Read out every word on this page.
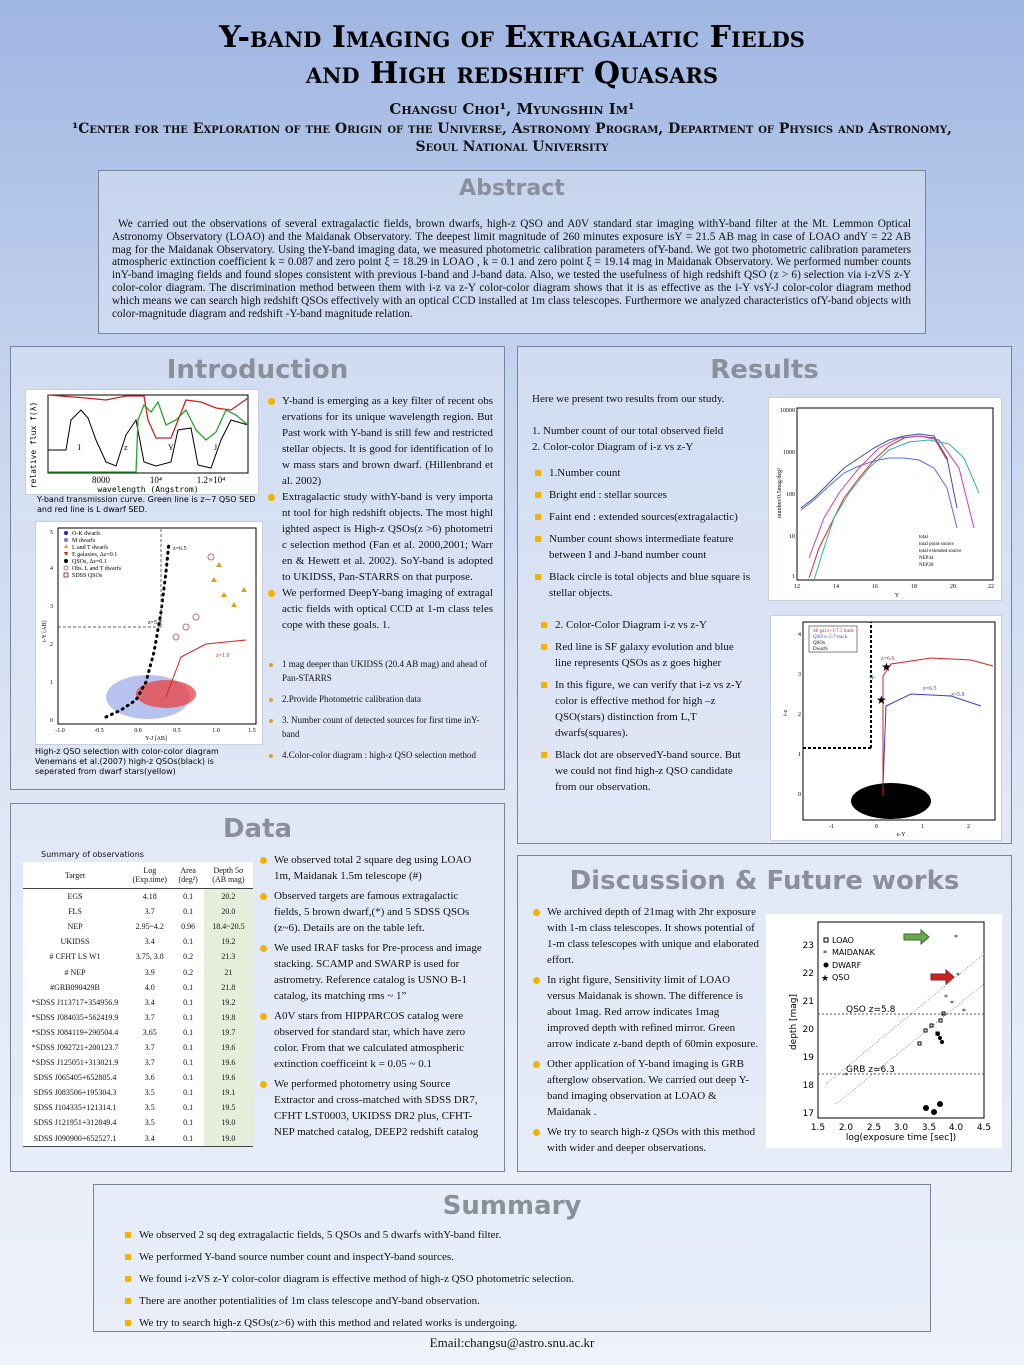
Y-band Imaging of Extragalatic Fields
and High redshift Quasars
Changsu Choi¹, Myungshin Im¹
¹Center for the Exploration of the Origin of the Universe, Astronomy Program, Department of Physics and Astronomy, Seoul National University
Abstract
We carried out the observations of several extragalactic fields, brown dwarfs, high-z QSO and A0V standard star imaging withY-band filter at the Mt. Lemmon Optical Astronomy Observatory (LOAO) and the Maidanak Observatory. The deepest limit magnitude of 260 minutes exposure isY = 21.5 AB mag in case of LOAO andY = 22 AB mag for the Maidanak Observatory. Using theY-band imaging data, we measured photometric calibration parameters ofY-band. We got two photometric calibration parameters atmospheric extinction coefficient k = 0.087 and zero point ξ = 18.29 in LOAO , k = 0.1 and zero point ξ = 19.14 mag in Maidanak Observatory. We performed number counts inY-band imaging fields and found slopes consistent with previous I-band and J-band data. Also, we tested the usefulness of high redshift QSO (z > 6) selection via i-zVS z-Y color-color diagram. The discrimination method between them with i-z va z-Y color-color diagram shows that it is as effective as the i-Y vsY-J color-color diagram method which means we can search high redshift QSOs effectively with an optical CCD installed at 1m class telescopes. Furthermore we analyzed characteristics ofY-band objects with color-magnitude diagram and redshift -Y-band magnitude relation.
Introduction
relative flux f(λ)	I	z	Y	J
8000	10⁴	1.2×10⁴
wavelength (Angstrom)
Y-band transmission curve. Green line is z~7 QSO SED and red line is L dwarf SED.
i-Y [AB]
Y-J [AB]
0
1
2
3
4
5
-1.0	-0.5	0.0	0.5	1.0	1.5
O-K dwarfs
M dwarfs
L and T dwarfs
E galaxies, Δz=0.1
QSOs, Δz=0.1
Obs. L and T dwarfs
SDSS QSOs
z=6.5
z=5.8
z=1.0
High-z QSO selection with color-color diagram Venemans et al.(2007) high-z QSOs(black) is seperated from dwarf stars(yellow)
Y-band is emerging as a key filter of recent observations for its unique wavelength region. But Past work with Y-band is still few and restricted stellar objects. It is good for identification of low mass stars and brown dwarf. (Hillenbrand et al. 2002)
Extragalactic study withY-band is very important tool for high redshift objects. The most highlighted aspect is High-z QSOs(z >6) photometric selection method (Fan et al. 2000,2001; Warren & Hewett et al. 2002). SoY-band is adopted to UKIDSS, Pan-STARRS on that purpose.
We performed DeepY-bang imaging of extragalactic fields with optical CCD at 1-m class telescope with these goals. 1.
1 mag deeper than UKIDSS (20.4 AB mag) and ahead of Pan-STARRS
2.Provide Photometric calibration data
3. Number count of detected sources for first time inY-band
4.Color-color diagram : high-z QSO selection method
Results
Here we present two results from our study.
1. Number count of our total observed field
2. Color-color Diagram of i-z vs z-Y
1.Number count
Bright end : stellar sources
Faint end : extended sources(extragalactic)
Number count shows intermediate feature between I and J-band number count
Black circle is total objects and blue square is stellar objects.
number/0.5mag/deg²
10000
1000
100
10
1
12	14	16	18	20	22
Y
total
total point source
total extended source
NEP44
NEP28
2. Color-Color Diagram i-z vs z-Y
Red line is SF galaxy evolution and blue line represents QSOs as z goes higher
In this figure, we can verify that i-z vs z-Y color is effective method for high –z QSO(stars) distinction from L,T dwarfs(squares).
Black dot are observedY-band source. But we could not find high-z QSO candidate from our observation.
i-z
z-Y
-1	0	1	2
0
1
2
3
4
z=6.6
z=6.5
z=5.8
★
★
+
SF gal z~1-7.5 track
QSO z~5-7 track
QSOs
Dwarfs
Data
Summary of observations
Target	Log (Exp.time)	Area (deg²)	Depth 5σ (AB mag)
EGS	4.18	0.1	20.2
FLS	3.7	0.1	20.0
NEP	2.95~4.2	0.96	18.4~20.5
UKIDSS	3.4	0.1	19.2
# CFHT LS W1	3.75, 3.8	0.2	21.3
# NEP	3.9	0.2	21
#GRB090429B	4.0	0.1	21.8
*SDSS J113717+354956.9	3.4	0.1	19.2
*SDSS J084035+562419.9	3.7	0.1	19.8
*SDSS J084119+290504.4	3.65	0.1	19.7
*SDSS J092721+200123.7	3.7	0.1	19.6
*SDSS J125051+313021.9	3.7	0.1	19.6
SDSS J065405+652805.4	3.6	0.1	19.6
SDSS J083506+195304.3	3.5	0.1	19.1
SDSS J104335+121314.1	3.5	0.1	19.5
SDSS J121951+312849.4	3.5	0.1	19.0
SDSS J090900+652527.1	3.4	0.1	19.0
We observed total 2 square deg using LOAO 1m, Maidanak 1.5m telescope (#)
Observed targets are famous extragalactic fields, 5 brown dwarf,(*) and 5 SDSS QSOs (z~6). Details are on the table left.
We used IRAF tasks for Pre-process and image stacking. SCAMP and SWARP is used for astrometry. Reference catalog is USNO B-1 catalog, its matching rms ~ 1”
A0V stars from HIPPARCOS catalog were observed for standard star, which have zero color. From that we calculated atmospheric extinction coefficeint k = 0.05 ~ 0.1
We performed photometry using Source Extractor and cross-matched with SDSS DR7, CFHT LST0003, UKIDSS DR2 plus, CFHT-NEP matched catalog, DEEP2 redshift catalog
Discussion & Future works
We archived depth of 21mag with 2hr exposure with 1-m class telescopes. It shows potential of 1-m class telescopes with unique and elaborated effort.
In right figure, Sensitivity limit of LOAO versus Maidanak is shown. The difference is about 1mag. Red arrow indicates 1mag improved depth with refined mirror. Green arrow indicate z-band depth of 60min exposure.
Other application of Y-band imaging is GRB afterglow observation. We carried out deep Y-band imaging observation at LOAO & Maidanak .
We try to search high-z QSOs with this method with wider and deeper observations.
depth [mag]
log(exposure time [sec])
17
18
19
20
21
22
23
1.5 2.0 2.5 3.0 3.5 4.0 4.5
QSO z=5.8
GRB z=6.3
*
*
*
*
*
*
LOAO
* MAIDANAK
DWARF
★ QSO
Summary
We observed 2 sq deg extragalactic fields, 5 QSOs and 5 dwarfs withY-band filter.
We performed Y-band source number count and inspectY-band sources.
We found i-zVS z-Y color-color diagram is effective method of high-z QSO photometric selection.
There are another potentialities of 1m class telescope andY-band observation.
We try to search high-z QSOs(z>6) with this method and related works is undergoing.
Email:changsu@astro.snu.ac.kr
